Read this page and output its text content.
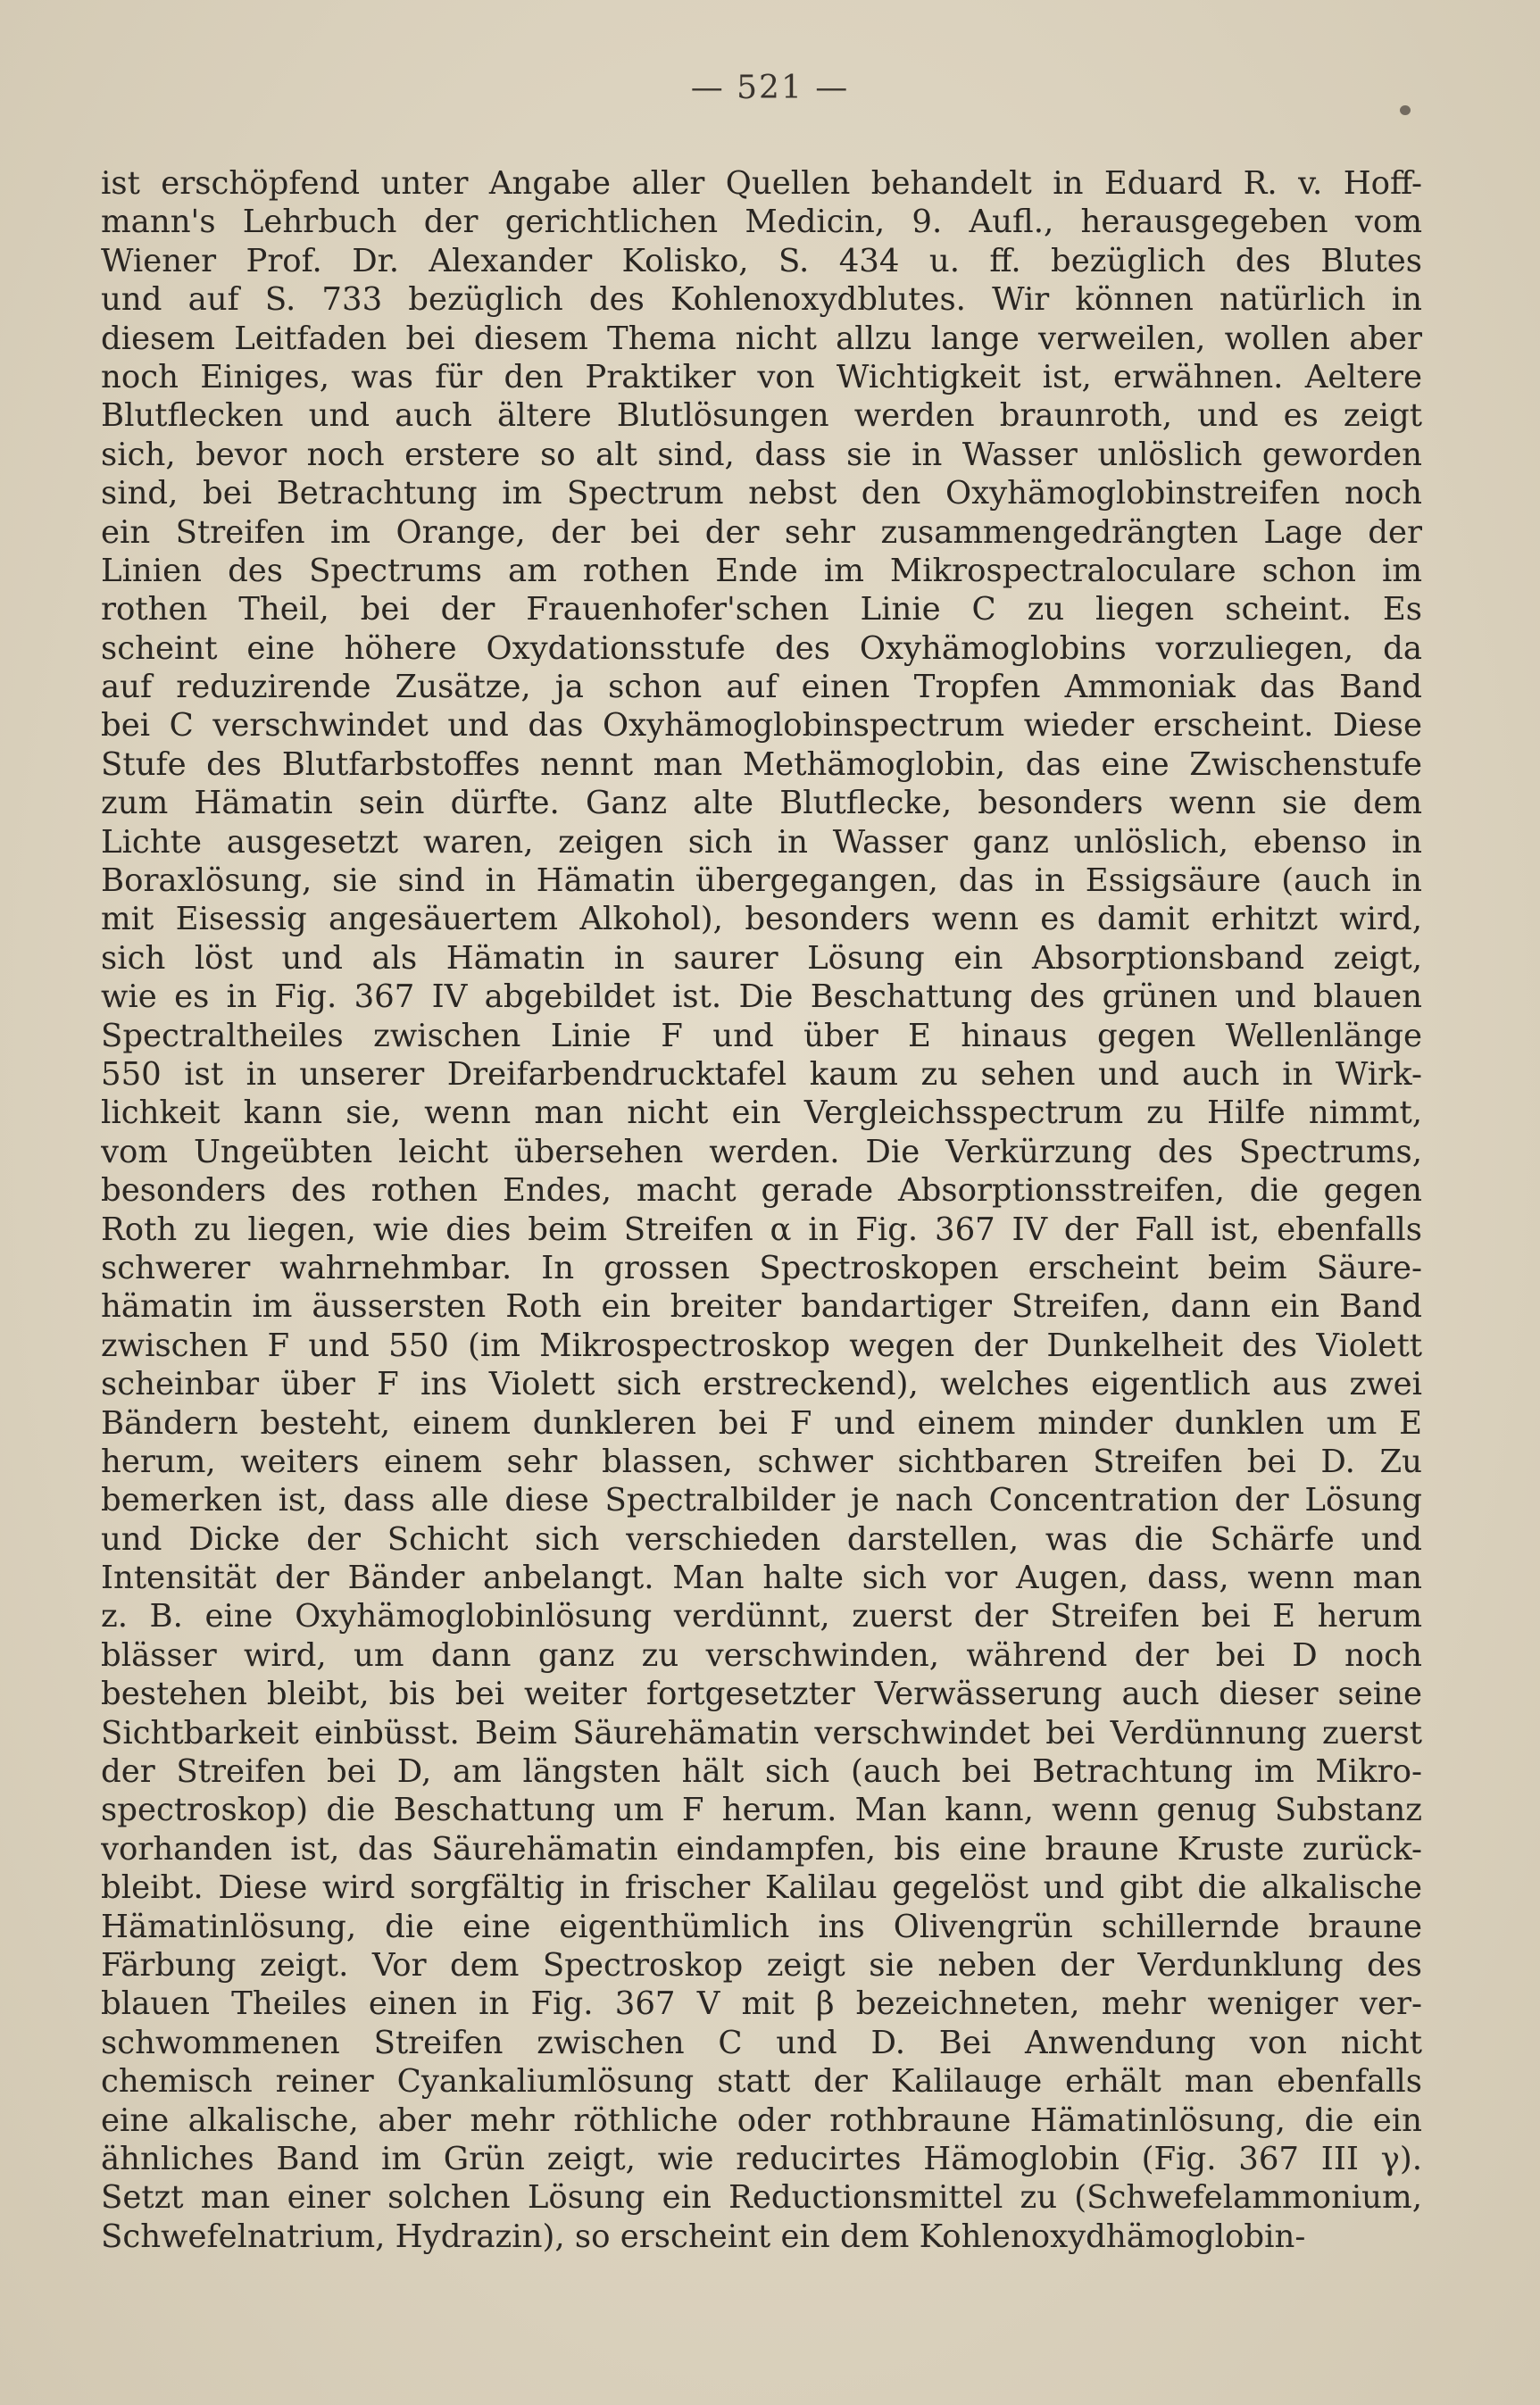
— 521 —
ist erschöpfend unter Angabe aller Quellen behandelt in Eduard R. v. Hoff-
mann's Lehrbuch der gerichtlichen Medicin, 9. Aufl., herausgegeben vom
Wiener Prof. Dr. Alexander Kolisko, S. 434 u. ff. bezüglich des Blutes
und auf S. 733 bezüglich des Kohlenoxydblutes. Wir können natürlich in
diesem Leitfaden bei diesem Thema nicht allzu lange verweilen, wollen aber
noch Einiges, was für den Praktiker von Wichtigkeit ist, erwähnen. Aeltere
Blutflecken und auch ältere Blutlösungen werden braunroth, und es zeigt
sich, bevor noch erstere so alt sind, dass sie in Wasser unlöslich geworden
sind, bei Betrachtung im Spectrum nebst den Oxyhämoglobinstreifen noch
ein Streifen im Orange, der bei der sehr zusammengedrängten Lage der
Linien des Spectrums am rothen Ende im Mikrospectraloculare schon im
rothen Theil, bei der Frauenhofer'schen Linie C zu liegen scheint. Es
scheint eine höhere Oxydationsstufe des Oxyhämoglobins vorzuliegen, da
auf reduzirende Zusätze, ja schon auf einen Tropfen Ammoniak das Band
bei C verschwindet und das Oxyhämoglobinspectrum wieder erscheint. Diese
Stufe des Blutfarbstoffes nennt man Methämoglobin, das eine Zwischenstufe
zum Hämatin sein dürfte. Ganz alte Blutflecke, besonders wenn sie dem
Lichte ausgesetzt waren, zeigen sich in Wasser ganz unlöslich, ebenso in
Boraxlösung, sie sind in Hämatin übergegangen, das in Essigsäure (auch in
mit Eisessig angesäuertem Alkohol), besonders wenn es damit erhitzt wird,
sich löst und als Hämatin in saurer Lösung ein Absorptionsband zeigt,
wie es in Fig. 367 IV abgebildet ist. Die Beschattung des grünen und blauen
Spectraltheiles zwischen Linie F und über E hinaus gegen Wellenlänge
550 ist in unserer Dreifarbendrucktafel kaum zu sehen und auch in Wirk-
lichkeit kann sie, wenn man nicht ein Vergleichsspectrum zu Hilfe nimmt,
vom Ungeübten leicht übersehen werden. Die Verkürzung des Spectrums,
besonders des rothen Endes, macht gerade Absorptionsstreifen, die gegen
Roth zu liegen, wie dies beim Streifen α in Fig. 367 IV der Fall ist, ebenfalls
schwerer wahrnehmbar. In grossen Spectroskopen erscheint beim Säure-
hämatin im äussersten Roth ein breiter bandartiger Streifen, dann ein Band
zwischen F und 550 (im Mikrospectroskop wegen der Dunkelheit des Violett
scheinbar über F ins Violett sich erstreckend), welches eigentlich aus zwei
Bändern besteht, einem dunkleren bei F und einem minder dunklen um E
herum, weiters einem sehr blassen, schwer sichtbaren Streifen bei D. Zu
bemerken ist, dass alle diese Spectralbilder je nach Concentration der Lösung
und Dicke der Schicht sich verschieden darstellen, was die Schärfe und
Intensität der Bänder anbelangt. Man halte sich vor Augen, dass, wenn man
z. B. eine Oxyhämoglobinlösung verdünnt, zuerst der Streifen bei E herum
blässer wird, um dann ganz zu verschwinden, während der bei D noch
bestehen bleibt, bis bei weiter fortgesetzter Verwässerung auch dieser seine
Sichtbarkeit einbüsst. Beim Säurehämatin verschwindet bei Verdünnung zuerst
der Streifen bei D, am längsten hält sich (auch bei Betrachtung im Mikro-
spectroskop) die Beschattung um F herum. Man kann, wenn genug Substanz
vorhanden ist, das Säurehämatin eindampfen, bis eine braune Kruste zurück-
bleibt. Diese wird sorgfältig in frischer Kalilau gegelöst und gibt die alkalische
Hämatinlösung, die eine eigenthümlich ins Olivengrün schillernde braune
Färbung zeigt. Vor dem Spectroskop zeigt sie neben der Verdunklung des
blauen Theiles einen in Fig. 367 V mit β bezeichneten, mehr weniger ver-
schwommenen Streifen zwischen C und D. Bei Anwendung von nicht
chemisch reiner Cyankaliumlösung statt der Kalilauge erhält man ebenfalls
eine alkalische, aber mehr röthliche oder rothbraune Hämatinlösung, die ein
ähnliches Band im Grün zeigt, wie reducirtes Hämoglobin (Fig. 367 III γ).
Setzt man einer solchen Lösung ein Reductionsmittel zu (Schwefelammonium,
Schwefelnatrium, Hydrazin), so erscheint ein dem Kohlenoxydhämoglobin-
